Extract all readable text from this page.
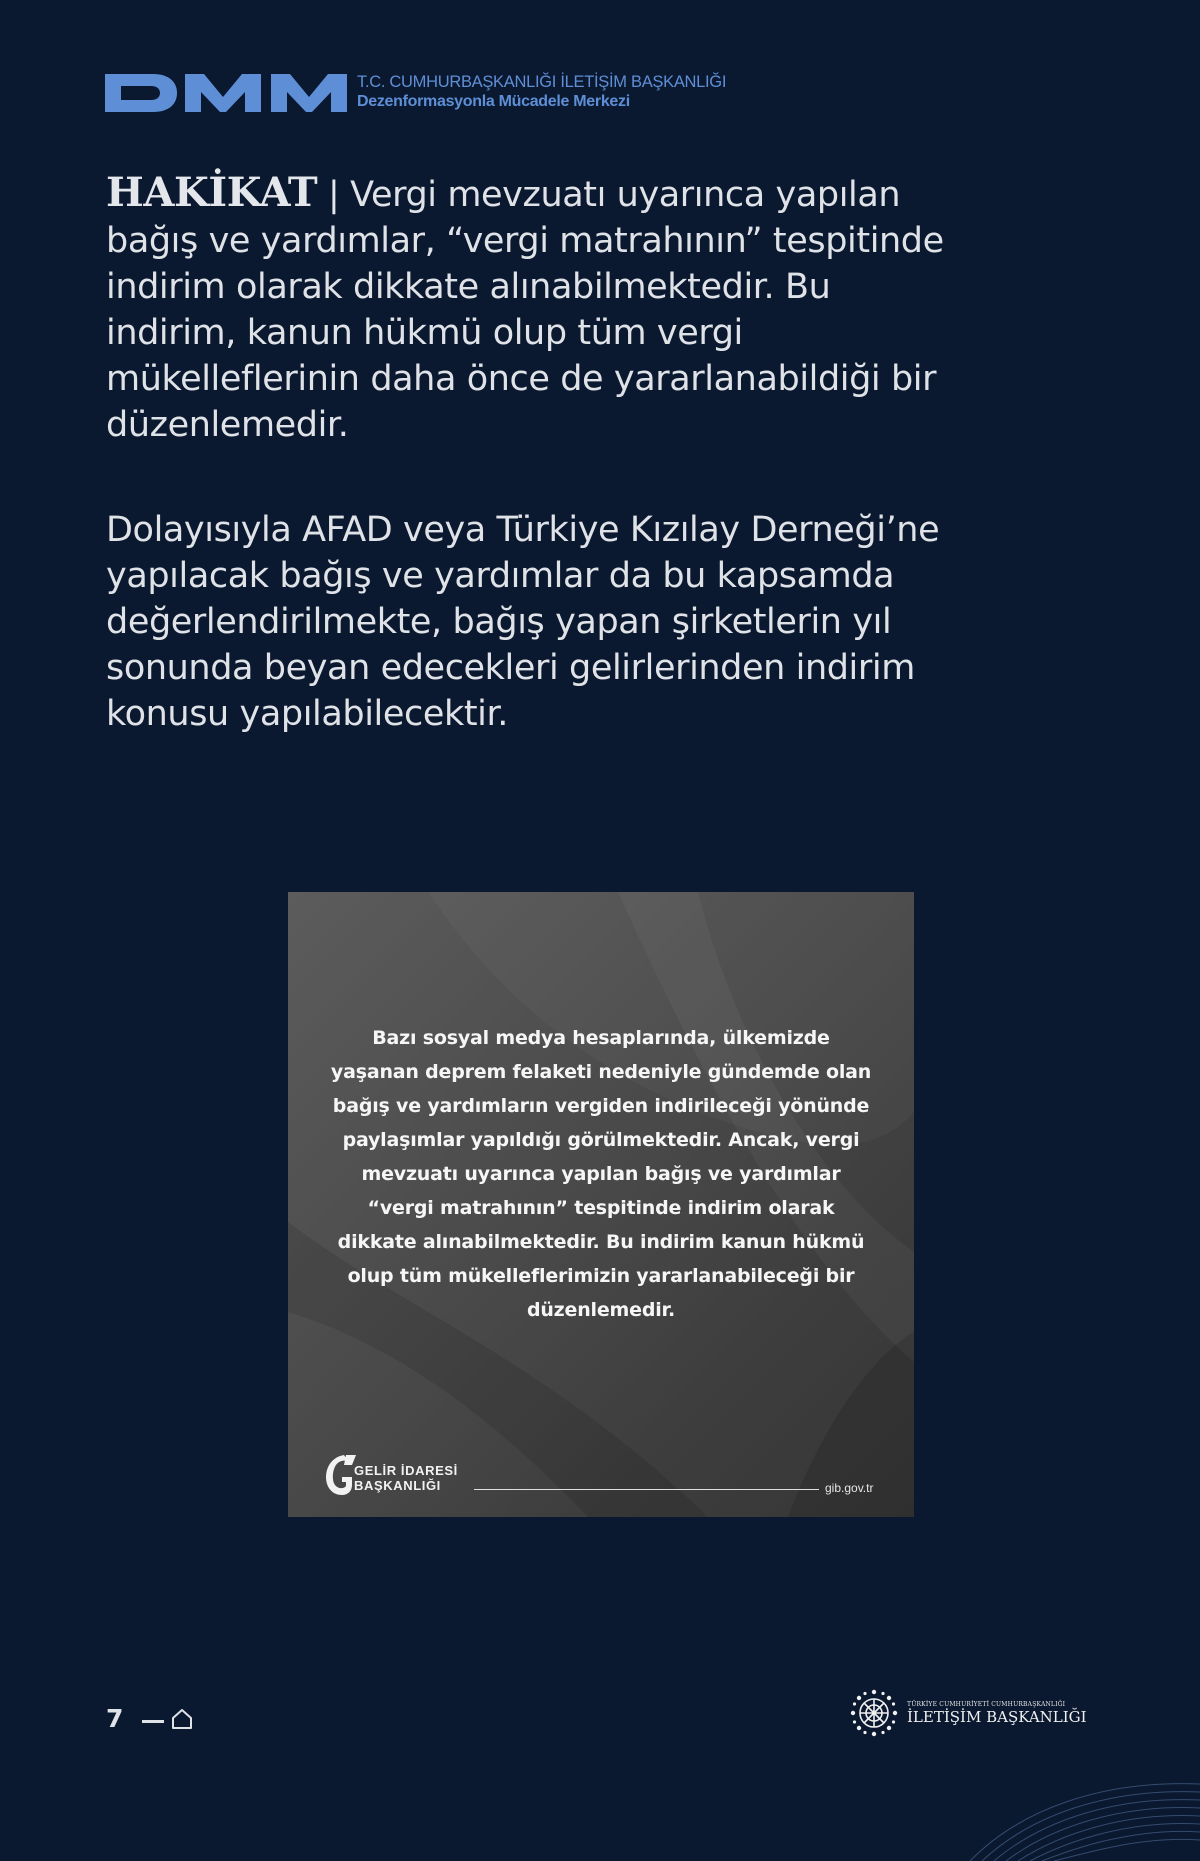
T.C. CUMHURBAŞKANLIĞI İLETİŞİM BAŞKANLIĞI
Dezenformasyonla Mücadele Merkezi

HAKİKAT | Vergi mevzuatı uyarınca yapılan bağış ve yardımlar, “vergi matrahının” tespitinde indirim olarak dikkate alınabilmektedir. Bu indirim, kanun hükmü olup tüm vergi mükelleflerinin daha önce de yararlanabildiği bir düzenlemedir.

Dolayısıyla AFAD veya Türkiye Kızılay Derneği’ne yapılacak bağış ve yardımlar da bu kapsamda değerlendirilmekte, bağış yapan şirketlerin yıl sonunda beyan edecekleri gelirlerinden indirim konusu yapılabilecektir.

Bazı sosyal medya hesaplarında, ülkemizde yaşanan deprem felaketi nedeniyle gündemde olan bağış ve yardımların vergiden indirileceği yönünde paylaşımlar yapıldığı görülmektedir. Ancak, vergi mevzuatı uyarınca yapılan bağış ve yardımlar “vergi matrahının” tespitinde indirim olarak dikkate alınabilmektedir. Bu indirim kanun hükmü olup tüm mükelleflerimizin yararlanabileceği bir düzenlemedir.

GELİR İDARESİ
BAŞKANLIĞI	gib.gov.tr
7	TÜRKİYE CUMHURİYETİ CUMHURBAŞKANLIĞI
İLETİŞİM BAŞKANLIĞI
